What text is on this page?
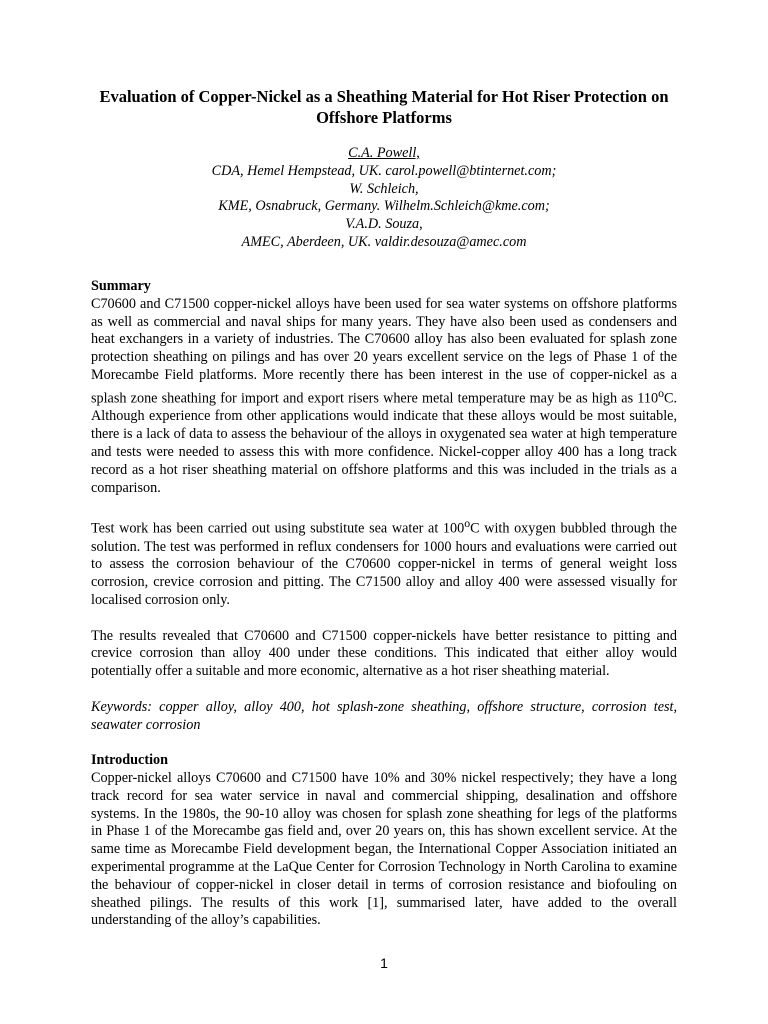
Evaluation of Copper-Nickel as a Sheathing Material for Hot Riser Protection on Offshore Platforms
C.A. Powell,
CDA, Hemel Hempstead, UK. carol.powell@btinternet.com;
W. Schleich,
KME, Osnabruck, Germany. Wilhelm.Schleich@kme.com;
V.A.D. Souza,
AMEC, Aberdeen, UK. valdir.desouza@amec.com
Summary

C70600 and C71500 copper-nickel alloys have been used for sea water systems on offshore platforms as well as commercial and naval ships for many years. They have also been used as condensers and heat exchangers in a variety of industries. The C70600 alloy has also been evaluated for splash zone protection sheathing on pilings and has over 20 years excellent service on the legs of Phase 1 of the Morecambe Field platforms. More recently there has been interest in the use of copper-nickel as a splash zone sheathing for import and export risers where metal temperature may be as high as 110$^o$C. Although experience from other applications would indicate that these alloys would be most suitable, there is a lack of data to assess the behaviour of the alloys in oxygenated sea water at high temperature and tests were needed to assess this with more confidence. Nickel-copper alloy 400 has a long track record as a hot riser sheathing material on offshore platforms and this was included in the trials as a comparison.

Test work has been carried out using substitute sea water at 100$^o$C with oxygen bubbled through the solution. The test was performed in reflux condensers for 1000 hours and evaluations were carried out to assess the corrosion behaviour of the C70600 copper-nickel in terms of general weight loss corrosion, crevice corrosion and pitting. The C71500 alloy and alloy 400 were assessed visually for localised corrosion only.

The results revealed that C70600 and C71500 copper-nickels have better resistance to pitting and crevice corrosion than alloy 400 under these conditions. This indicated that either alloy would potentially offer a suitable and more economic, alternative as a hot riser sheathing material.

Keywords: copper alloy, alloy 400, hot splash-zone sheathing, offshore structure, corrosion test, seawater corrosion

Introduction

Copper-nickel alloys C70600 and C71500 have 10% and 30% nickel respectively; they have a long track record for sea water service in naval and commercial shipping, desalination and offshore systems. In the 1980s, the 90-10 alloy was chosen for splash zone sheathing for legs of the platforms in Phase 1 of the Morecambe gas field and, over 20 years on, this has shown excellent service. At the same time as Morecambe Field development began, the International Copper Association initiated an experimental programme at the LaQue Center for Corrosion Technology in North Carolina to examine the behaviour of copper-nickel in closer detail in terms of corrosion resistance and biofouling on sheathed pilings. The results of this work [1], summarised later, have added to the overall understanding of the alloy’s capabilities.

1
